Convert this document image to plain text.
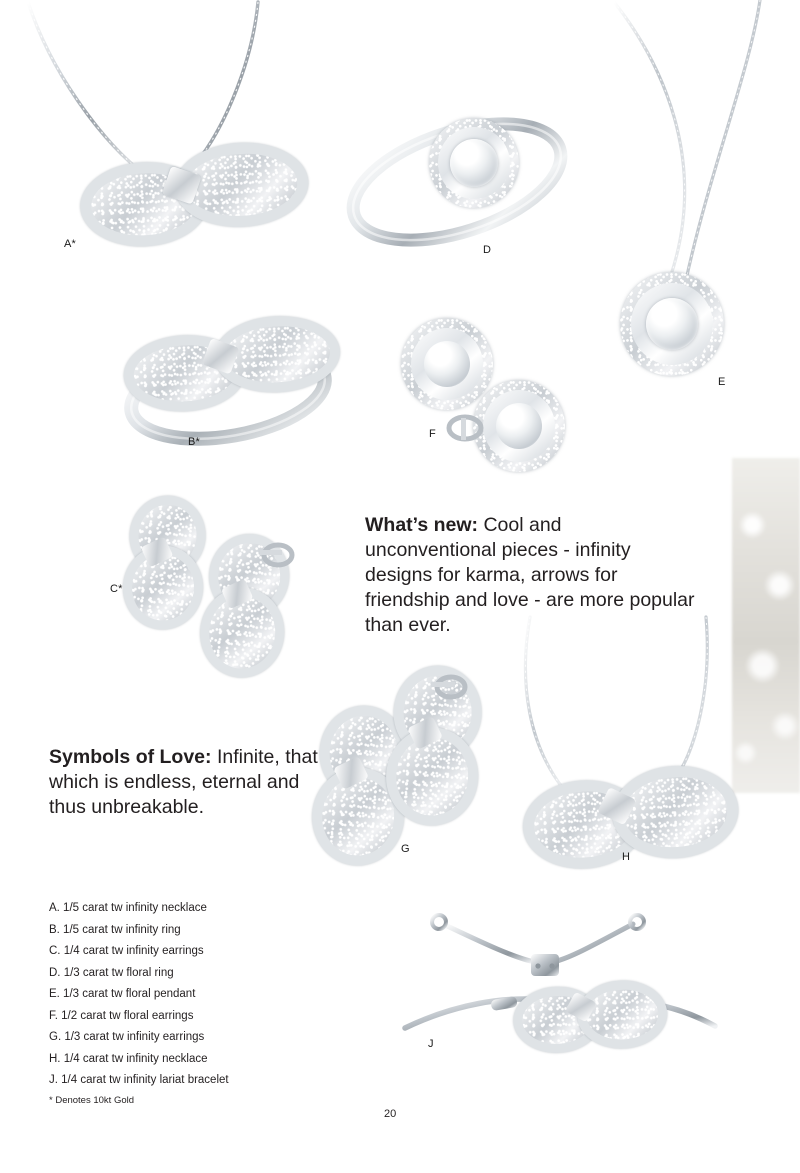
A*	D
B*
E
F
C*
G
H
J
What’s new: Cool and unconventional pieces - infinity designs for karma, arrows for friendship and love - are more popular than ever.
Symbols of Love: Infinite, that which is endless, eternal and thus unbreakable.
A. 1/5 carat tw infinity necklace
B. 1/5 carat tw infinity ring
C. 1/4 carat tw infinity earrings
D. 1/3 carat tw floral ring
E. 1/3 carat tw floral pendant
F. 1/2 carat tw floral earrings
G. 1/3 carat tw infinity earrings
H. 1/4 carat tw infinity necklace
J. 1/4 carat tw infinity lariat bracelet
* Denotes 10kt Gold
20
